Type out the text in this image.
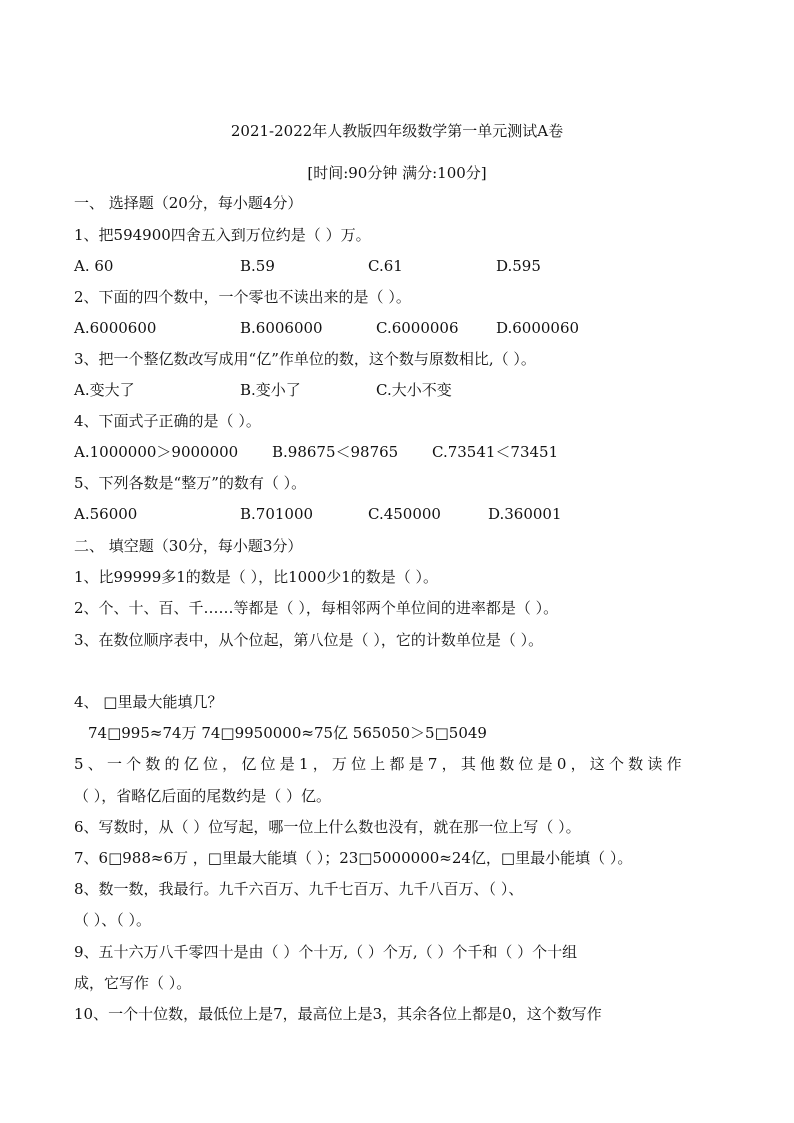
2021-2022年人教版四年级数学第一单元测试A卷
[时间:90分钟 满分:100分]
一、 选择题（20分，每小题4分）
1、把594900四舍五入到万位约是（ ）万。
A. 60	B.59	C.61	D.595
2、下面的四个数中，一个零也不读出来的是（ ）。
A.6000600	B.6006000	C.6000006 D.6000060
3、把一个整亿数改写成用“亿”作单位的数，这个数与原数相比,（ ）。
A.变大了	B.变小了	C.大小不变
4、下面式子正确的是（ ）。
A.1000000＞9000000 B.98675＜98765 C.73541＜73451
5、下列各数是“整万”的数有（ ）。
A.56000	B.701000	C.450000	D.360001
二、 填空题（30分，每小题3分）
1、比99999多1的数是（ ），比1000少1的数是（ ）。
2、个、十、百、千……等都是（ ），每相邻两个单位间的进率都是（ ）。
3、在数位顺序表中，从个位起，第八位是（ ），它的计数单位是（ ）。
4、 □里最大能填几？
74□995≈74万 74□9950000≈75亿 565050＞5□5049
5、一个数的亿位，亿位是1，万位上都是7，其他数位是0，这个数读作
（ ），省略亿后面的尾数约是（ ）亿。
6、写数时，从（ ）位写起，哪一位上什么数也没有，就在那一位上写（ ）。
7、6□988≈6万 ，□里最大能填（ ）；23□5000000≈24亿，□里最小能填（ ）。
8、数一数，我最行。九千六百万、九千七百万、九千八百万、（ ）、
（ ）、（ ）。
9、五十六万八千零四十是由（ ）个十万,（ ）个万,（ ）个千和（ ）个十组
成，它写作（ ）。
10、一个十位数，最低位上是7，最高位上是3，其余各位上都是0，这个数写作
